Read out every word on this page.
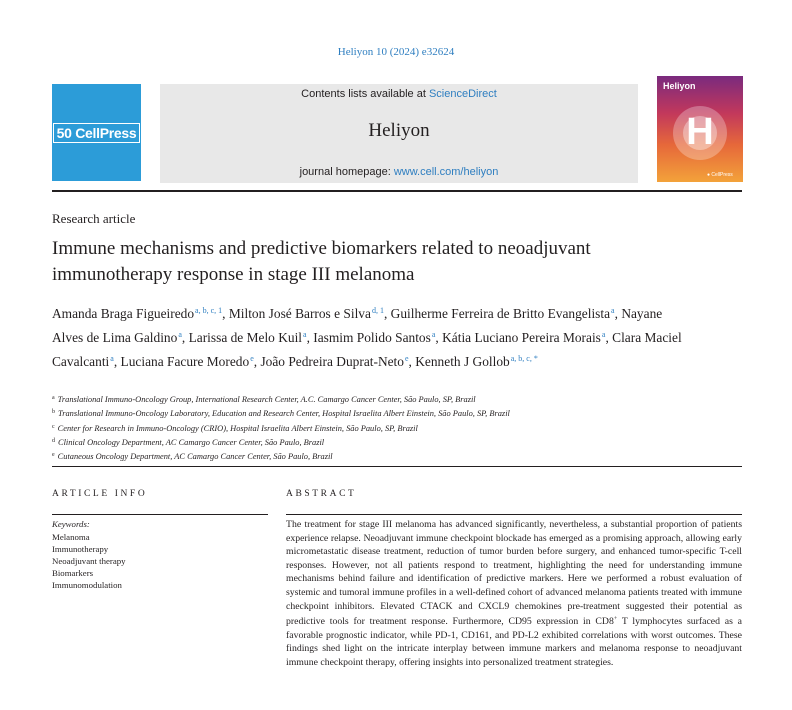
Heliyon 10 (2024) e32624
50 CellPress
Contents lists available at ScienceDirect
Heliyon
journal homepage: www.cell.com/heliyon
Heliyon
H
● CellPress
Research article
Immune mechanisms and predictive biomarkers related to neoadjuvant immunotherapy response in stage III melanoma
Amanda Braga Figueiredo$^{a, b, c, 1}$, Milton José Barros e Silva$^{d, 1}$, Guilherme Ferreira de Britto Evangelista$^a$, Nayane Alves de Lima Galdino$^a$, Larissa de Melo Kuil$^a$, Iasmim Polido Santos$^a$, Kátia Luciano Pereira Morais$^a$, Clara Maciel Cavalcanti$^a$, Luciana Facure Moredo$^e$, João Pedreira Duprat-Neto$^e$, Kenneth J Gollob$^{a, b, c, *}$
$^a$ Translational Immuno-Oncology Group, International Research Center, A.C. Camargo Cancer Center, São Paulo, SP, Brazil
$^b$ Translational Immuno-Oncology Laboratory, Education and Research Center, Hospital Israelita Albert Einstein, São Paulo, SP, Brazil
$^c$ Center for Research in Immuno-Oncology (CRIO), Hospital Israelita Albert Einstein, São Paulo, SP, Brazil
$^d$ Clinical Oncology Department, AC Camargo Cancer Center, São Paulo, Brazil
$^e$ Cutaneous Oncology Department, AC Camargo Cancer Center, São Paulo, Brazil
ARTICLE INFO	ABSTRACT
Keywords:
Melanoma
Immunotherapy
Neoadjuvant therapy
Biomarkers
Immunomodulation
The treatment for stage III melanoma has advanced significantly, nevertheless, a substantial proportion of patients experience relapse. Neoadjuvant immune checkpoint blockade has emerged as a promising approach, allowing early micrometastatic disease treatment, reduction of tumor burden before surgery, and enhanced tumor-specific T-cell responses. However, not all patients respond to treatment, highlighting the need for understanding immune mechanisms behind failure and identification of predictive markers. Here we performed a robust evaluation of systemic and tumoral immune profiles in a well-defined cohort of advanced melanoma patients treated with immune checkpoint inhibitors. Elevated CTACK and CXCL9 chemokines pre-treatment suggested their potential as predictive tools for treatment response. Furthermore, CD95 expression in CD8+ T lymphocytes surfaced as a favorable prognostic indicator, while PD-1, CD161, and PD-L2 exhibited correlations with worst outcomes. These findings shed light on the intricate interplay between immune markers and melanoma response to neoadjuvant immune checkpoint therapy, offering insights into personalized treatment strategies.
